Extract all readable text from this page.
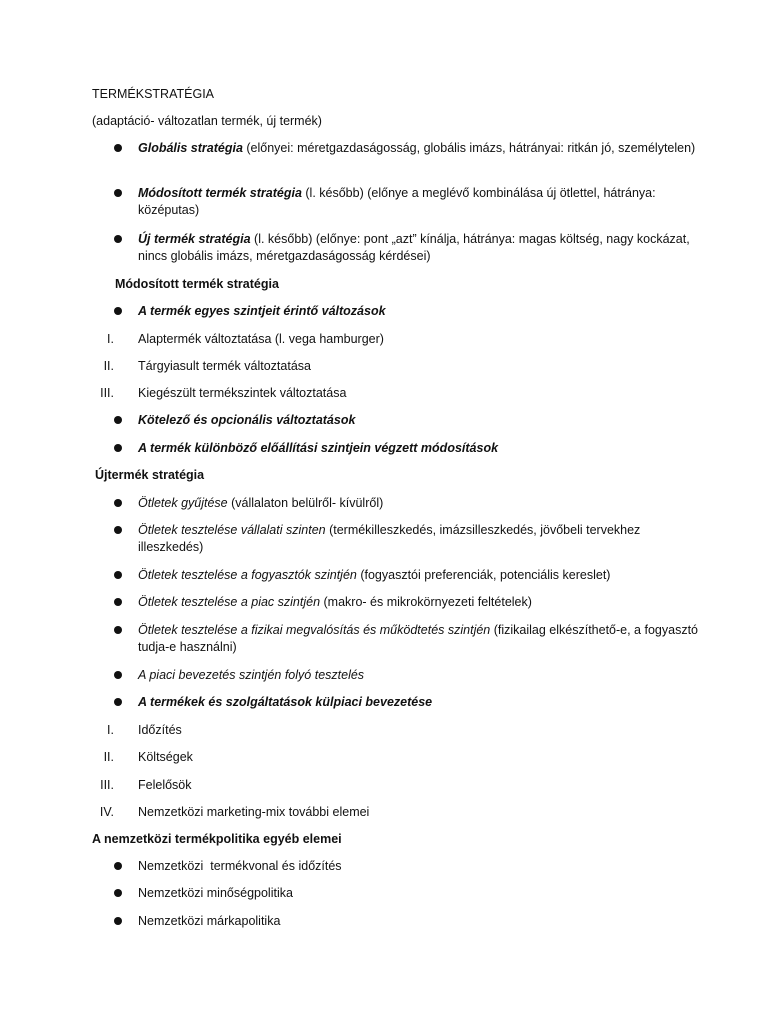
TERMÉKSTRATÉGIA
(adaptáció- változatlan termék, új termék)
Globális stratégia (előnyei: méretgazdaságosság, globális imázs, hátrányai: ritkán jó, személytelen)
Módosított termék stratégia (l. később) (előnye a meglévő kombinálása új ötlettel, hátránya: középutas)
Új termék stratégia (l. később) (előnye: pont „azt” kínálja, hátránya: magas költség, nagy kockázat, nincs globális imázs, méretgazdaságosság kérdései)
Módosított termék stratégia
A termék egyes szintjeit érintő változások
I. Alaptermék változtatása (l. vega hamburger)
II. Tárgyiasult termék változtatása
III. Kiegészült termékszintek változtatása
Kötelező és opcionális változtatások
A termék különböző előállítási szintjein végzett módosítások
Újtermék stratégia
Ötletek gyűjtése (vállalaton belülről- kívülről)
Ötletek tesztelése vállalati szinten (termékilleszkedés, imázsilleszkedés, jövőbeli tervekhez illeszkedés)
Ötletek tesztelése a fogyasztók szintjén (fogyasztói preferenciák, potenciális kereslet)
Ötletek tesztelése a piac szintjén (makro- és mikrokörnyezeti feltételek)
Ötletek tesztelése a fizikai megvalósítás és működtetés szintjén (fizikailag elkészíthető-e, a fogyasztó tudja-e használni)
A piaci bevezetés szintjén folyó tesztelés
A termékek és szolgáltatások külpiaci bevezetése
I. Időzítés
II. Költségek
III. Felelősök
IV. Nemzetközi marketing-mix további elemei
A nemzetközi termékpolitika egyéb elemei
Nemzetközi  termékvonal és időzítés
Nemzetközi minőségpolitika
Nemzetközi márkapolitika
